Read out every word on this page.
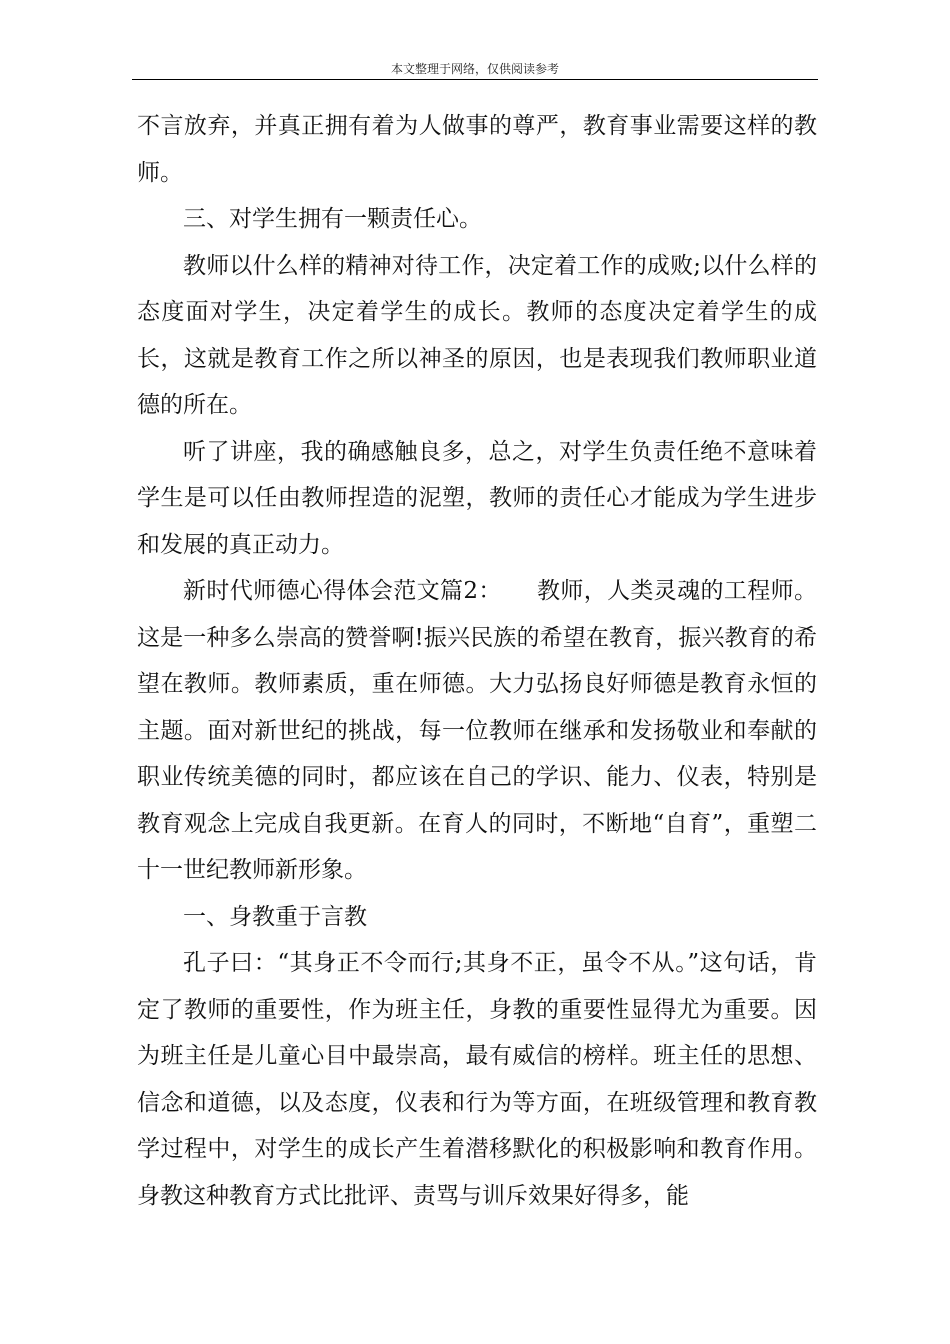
本文整理于网络，仅供阅读参考

不言放弃，并真正拥有着为人做事的尊严，教育事业需要这样的教师。

三、对学生拥有一颗责任心。

教师以什么样的精神对待工作，决定着工作的成败;以什么样的态度面对学生，决定着学生的成长。教师的态度决定着学生的成长，这就是教育工作之所以神圣的原因，也是表现我们教师职业道德的所在。

听了讲座，我的确感触良多，总之，对学生负责任绝不意味着学生是可以任由教师捏造的泥塑，教师的责任心才能成为学生进步和发展的真正动力。

新时代师德心得体会范文篇2：　　教师，人类灵魂的工程师。这是一种多么崇高的赞誉啊!振兴民族的希望在教育，振兴教育的希望在教师。教师素质，重在师德。大力弘扬良好师德是教育永恒的主题。面对新世纪的挑战，每一位教师在继承和发扬敬业和奉献的职业传统美德的同时，都应该在自己的学识、能力、仪表，特别是教育观念上完成自我更新。在育人的同时，不断地“自育”，重塑二十一世纪教师新形象。

一、身教重于言教

孔子曰：“其身正不令而行;其身不正，虽令不从。”这句话，肯定了教师的重要性，作为班主任，身教的重要性显得尤为重要。因为班主任是儿童心目中最崇高，最有威信的榜样。班主任的思想、信念和道德，以及态度，仪表和行为等方面，在班级管理和教育教学过程中，对学生的成长产生着潜移默化的积极影响和教育作用。身教这种教育方式比批评、责骂与训斥效果好得多，能
